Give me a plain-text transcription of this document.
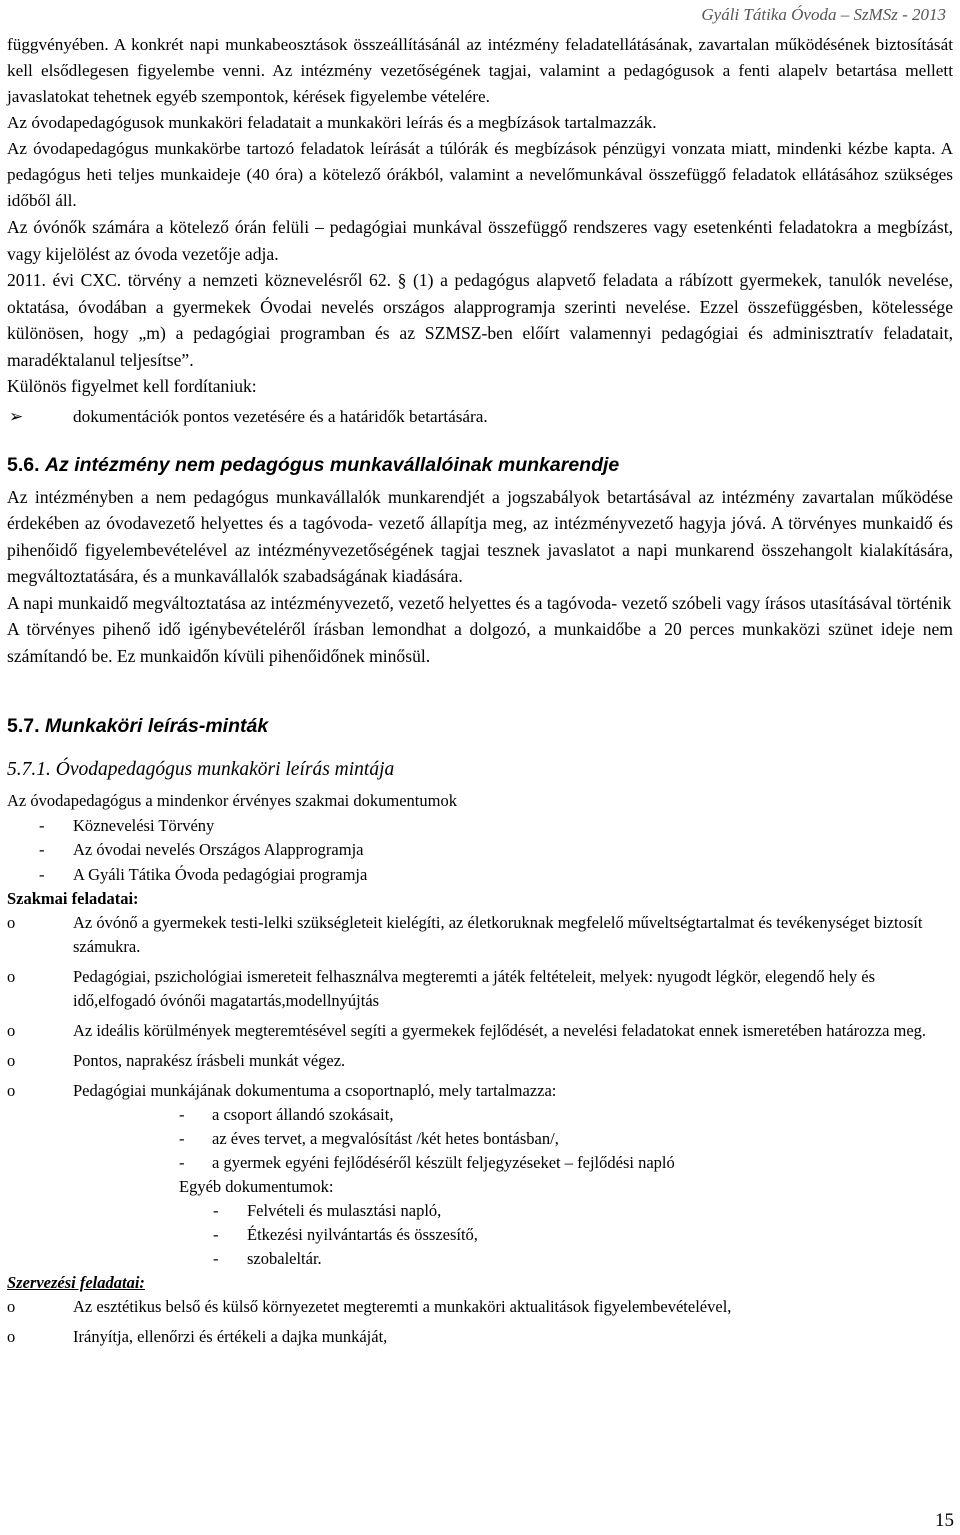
Gyáli Tátika Óvoda – SzMSz - 2013

függvényében. A konkrét napi munkabeosztások összeállításánál az intézmény feladatellátásának, zavartalan működésének biztosítását kell elsődlegesen figyelembe venni. Az intézmény vezetőségének tagjai, valamint a pedagógusok a fenti alapelv betartása mellett javaslatokat tehetnek egyéb szempontok, kérések figyelembe vételére.

Az óvodapedagógusok munkaköri feladatait a munkaköri leírás és a megbízások tartalmazzák.

Az óvodapedagógus munkakörbe tartozó feladatok leírását a túlórák és megbízások pénzügyi vonzata miatt, mindenki kézbe kapta. A pedagógus heti teljes munkaideje (40 óra) a kötelező órákból, valamint a nevelőmunkával összefüggő feladatok ellátásához szükséges időből áll.

Az óvónők számára a kötelező órán felüli – pedagógiai munkával összefüggő rendszeres vagy esetenkénti feladatokra a megbízást, vagy kijelölést az óvoda vezetője adja.

2011. évi CXC. törvény a nemzeti köznevelésről 62. § (1) a pedagógus alapvető feladata a rábízott gyermekek, tanulók nevelése, oktatása, óvodában a gyermekek Óvodai nevelés országos alapprogramja szerinti nevelése. Ezzel összefüggésben, kötelessége különösen, hogy „m) a pedagógiai programban és az SZMSZ-ben előírt valamennyi pedagógiai és adminisztratív feladatait, maradéktalanul teljesítse”.

Különös figyelmet kell fordítaniuk:

➢	dokumentációk pontos vezetésére és a határidők betartására.

5.6. Az intézmény nem pedagógus munkavállalóinak munkarendje

Az intézményben a nem pedagógus munkavállalók munkarendjét a jogszabályok betartásával az intézmény zavartalan működése érdekében az óvodavezető helyettes és a tagóvoda- vezető állapítja meg, az intézményvezető hagyja jóvá. A törvényes munkaidő és pihenőidő figyelembevételével az intézményvezetőségének tagjai tesznek javaslatot a napi munkarend összehangolt kialakítására, megváltoztatására, és a munkavállalók szabadságának kiadására.

A napi munkaidő megváltoztatása az intézményvezető, vezető helyettes és a tagóvoda- vezető szóbeli vagy írásos utasításával történik

A törvényes pihenő idő igénybevételéről írásban lemondhat a dolgozó, a munkaidőbe a 20 perces munkaközi szünet ideje nem számítandó be. Ez munkaidőn kívüli pihenőidőnek minősül.

5.7. Munkaköri leírás-minták

5.7.1. Óvodapedagógus munkaköri leírás mintája

Az óvodapedagógus a mindenkor érvényes szakmai dokumentumok

- Köznevelési Törvény
- Az óvodai nevelés Országos Alapprogramja
- A Gyáli Tátika Óvoda pedagógiai programja
Szakmai feladatai:
o	Az óvónő a gyermekek testi-lelki szükségleteit kielégíti, az életkoruknak megfelelő műveltségtartalmat és tevékenységet biztosít számukra.
o	Pedagógiai, pszichológiai ismereteit felhasználva megteremti a játék feltételeit, melyek: nyugodt légkör, elegendő hely és idő,elfogadó óvónői magatartás,modellnyújtás
o	Az ideális körülmények megteremtésével segíti a gyermekek fejlődését, a nevelési feladatokat ennek ismeretében határozza meg.
o	Pontos, naprakész írásbeli munkát végez.
o	Pedagógiai munkájának dokumentuma a csoportnapló, mely tartalmazza:
- a csoport állandó szokásait,
- az éves tervet, a megvalósítást /két hetes bontásban/,
- a gyermek egyéni fejlődéséről készült feljegyzéseket – fejlődési napló
Egyéb dokumentumok:
- Felvételi és mulasztási napló,
- Étkezési nyilvántartás és összesítő,
- szobaleltár.
Szervezési feladatai:
o	Az esztétikus belső és külső környezetet megteremti a munkaköri aktualitások figyelembevételével,
o	Irányítja, ellenőrzi és értékeli a dajka munkáját,
15
